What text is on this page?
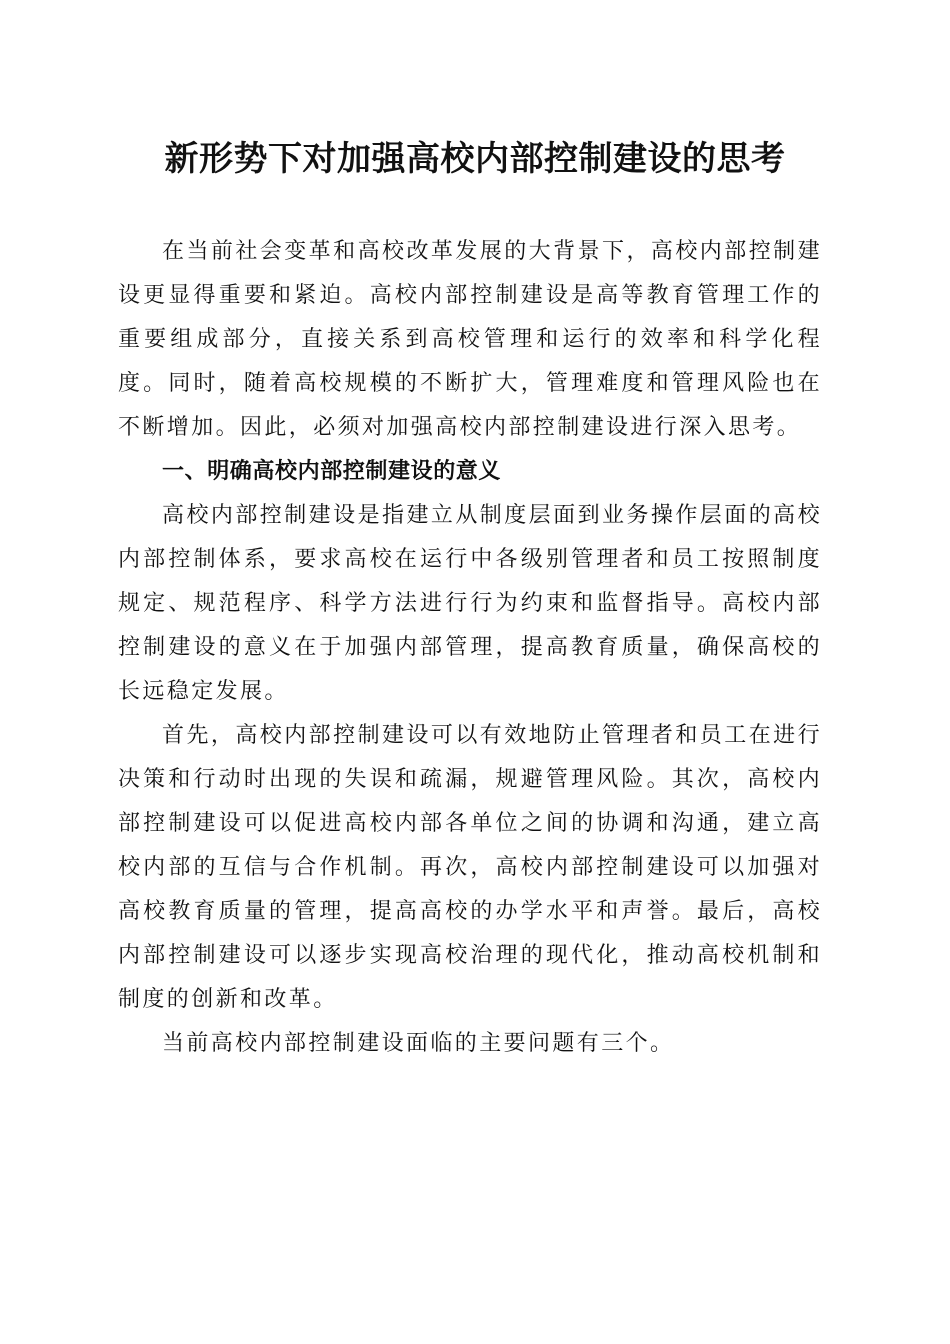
新形势下对加强高校内部控制建设的思考

在当前社会变革和高校改革发展的大背景下，高校内部控制建设更显得重要和紧迫。高校内部控制建设是高等教育管理工作的重要组成部分，直接关系到高校管理和运行的效率和科学化程度。同时，随着高校规模的不断扩大，管理难度和管理风险也在不断增加。因此，必须对加强高校内部控制建设进行深入思考。

一、明确高校内部控制建设的意义

高校内部控制建设是指建立从制度层面到业务操作层面的高校内部控制体系，要求高校在运行中各级别管理者和员工按照制度规定、规范程序、科学方法进行行为约束和监督指导。高校内部控制建设的意义在于加强内部管理，提高教育质量，确保高校的长远稳定发展。

首先，高校内部控制建设可以有效地防止管理者和员工在进行决策和行动时出现的失误和疏漏，规避管理风险。其次，高校内部控制建设可以促进高校内部各单位之间的协调和沟通，建立高校内部的互信与合作机制。再次，高校内部控制建设可以加强对高校教育质量的管理，提高高校的办学水平和声誉。最后，高校内部控制建设可以逐步实现高校治理的现代化，推动高校机制和制度的创新和改革。

当前高校内部控制建设面临的主要问题有三个。
